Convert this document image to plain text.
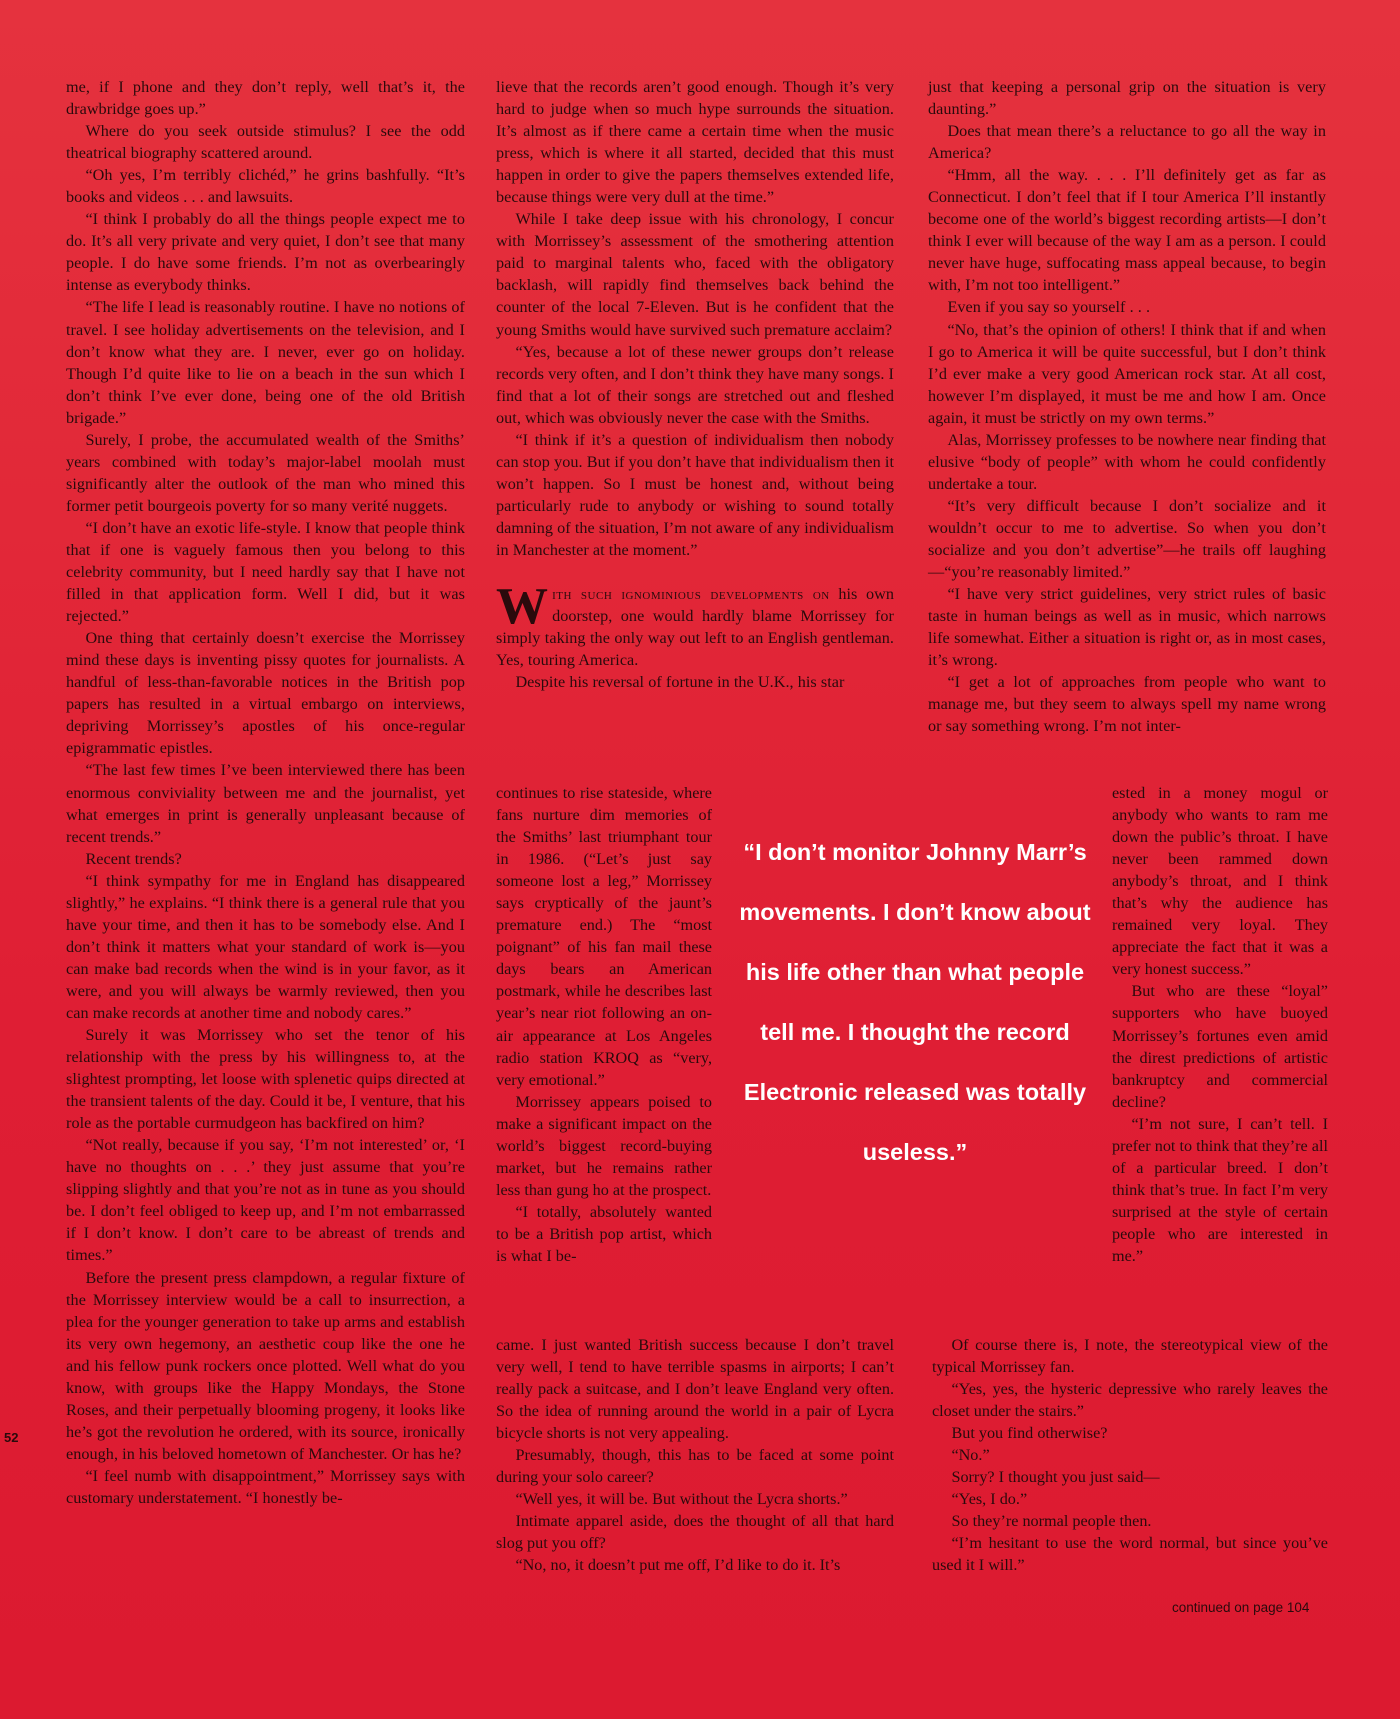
me, if I phone and they don’t reply, well that’s it, the drawbridge goes up.”

Where do you seek outside stimulus? I see the odd theatrical biography scattered around.

“Oh yes, I’m terribly clichéd,” he grins bashfully. “It’s books and videos . . . and lawsuits.

“I think I probably do all the things people expect me to do. It’s all very private and very quiet, I don’t see that many people. I do have some friends. I’m not as overbearingly intense as everybody thinks.

“The life I lead is reasonably routine. I have no notions of travel. I see holiday advertisements on the television, and I don’t know what they are. I never, ever go on holiday. Though I’d quite like to lie on a beach in the sun which I don’t think I’ve ever done, being one of the old British brigade.”

Surely, I probe, the accumulated wealth of the Smiths’ years combined with today’s major-label moolah must significantly alter the outlook of the man who mined this former petit bourgeois poverty for so many verité nuggets.

“I don’t have an exotic life-style. I know that people think that if one is vaguely famous then you belong to this celebrity community, but I need hardly say that I have not filled in that application form. Well I did, but it was rejected.”

One thing that certainly doesn’t exercise the Morrissey mind these days is inventing pissy quotes for journalists. A handful of less-than-favorable notices in the British pop papers has resulted in a virtual embargo on interviews, depriving Morrissey’s apostles of his once-regular epigrammatic epistles.

“The last few times I’ve been interviewed there has been enormous conviviality between me and the journalist, yet what emerges in print is generally unpleasant because of recent trends.”

Recent trends?

“I think sympathy for me in England has disappeared slightly,” he explains. “I think there is a general rule that you have your time, and then it has to be somebody else. And I don’t think it matters what your standard of work is—you can make bad records when the wind is in your favor, as it were, and you will always be warmly reviewed, then you can make records at another time and nobody cares.”

Surely it was Morrissey who set the tenor of his relationship with the press by his willingness to, at the slightest prompting, let loose with splenetic quips directed at the transient talents of the day. Could it be, I venture, that his role as the portable curmudgeon has backfired on him?

“Not really, because if you say, ‘I’m not interested’ or, ‘I have no thoughts on . . .’ they just assume that you’re slipping slightly and that you’re not as in tune as you should be. I don’t feel obliged to keep up, and I’m not embarrassed if I don’t know. I don’t care to be abreast of trends and times.”

Before the present press clampdown, a regular fixture of the Morrissey interview would be a call to insurrection, a plea for the younger generation to take up arms and establish its very own hegemony, an aesthetic coup like the one he and his fellow punk rockers once plotted. Well what do you know, with groups like the Happy Mondays, the Stone Roses, and their perpetually blooming progeny, it looks like he’s got the revolution he ordered, with its source, ironically enough, in his beloved hometown of Manchester. Or has he?

“I feel numb with disappointment,” Morrissey says with customary understatement. “I honestly be-

lieve that the records aren’t good enough. Though it’s very hard to judge when so much hype surrounds the situation. It’s almost as if there came a certain time when the music press, which is where it all started, decided that this must happen in order to give the papers themselves extended life, because things were very dull at the time.”

While I take deep issue with his chronology, I concur with Morrissey’s assessment of the smothering attention paid to marginal talents who, faced with the obligatory backlash, will rapidly find themselves back behind the counter of the local 7-Eleven. But is he confident that the young Smiths would have survived such premature acclaim?

“Yes, because a lot of these newer groups don’t release records very often, and I don’t think they have many songs. I find that a lot of their songs are stretched out and fleshed out, which was obviously never the case with the Smiths.

“I think if it’s a question of individualism then nobody can stop you. But if you don’t have that individualism then it won’t happen. So I must be honest and, without being particularly rude to anybody or wishing to sound totally damning of the situation, I’m not aware of any individualism in Manchester at the moment.”

With such ignominious developments on his own doorstep, one would hardly blame Morrissey for simply taking the only way out left to an English gentleman. Yes, touring America.

Despite his reversal of fortune in the U.K., his star

continues to rise stateside, where fans nurture dim memories of the Smiths’ last triumphant tour in 1986. (“Let’s just say someone lost a leg,” Morrissey says cryptically of the jaunt’s premature end.) The “most poignant” of his fan mail these days bears an American postmark, while he describes last year’s near riot following an on-air appearance at Los Angeles radio station KROQ as “very, very emotional.”

Morrissey appears poised to make a significant impact on the world’s biggest record-buying market, but he remains rather less than gung ho at the prospect.

“I totally, absolutely wanted to be a British pop artist, which is what I be-

came. I just wanted British success because I don’t travel very well, I tend to have terrible spasms in airports; I can’t really pack a suitcase, and I don’t leave England very often. So the idea of running around the world in a pair of Lycra bicycle shorts is not very appealing.

Presumably, though, this has to be faced at some point during your solo career?

“Well yes, it will be. But without the Lycra shorts.”

Intimate apparel aside, does the thought of all that hard slog put you off?

“No, no, it doesn’t put me off, I’d like to do it. It’s

just that keeping a personal grip on the situation is very daunting.”

Does that mean there’s a reluctance to go all the way in America?

“Hmm, all the way. . . . I’ll definitely get as far as Connecticut. I don’t feel that if I tour America I’ll instantly become one of the world’s biggest recording artists—I don’t think I ever will because of the way I am as a person. I could never have huge, suffocating mass appeal because, to begin with, I’m not too intelligent.”

Even if you say so yourself . . .

“No, that’s the opinion of others! I think that if and when I go to America it will be quite successful, but I don’t think I’d ever make a very good American rock star. At all cost, however I’m displayed, it must be me and how I am. Once again, it must be strictly on my own terms.”

Alas, Morrissey professes to be nowhere near finding that elusive “body of people” with whom he could confidently undertake a tour.

“It’s very difficult because I don’t socialize and it wouldn’t occur to me to advertise. So when you don’t socialize and you don’t advertise”—he trails off laughing—“you’re reasonably limited.”

“I have very strict guidelines, very strict rules of basic taste in human beings as well as in music, which narrows life somewhat. Either a situation is right or, as in most cases, it’s wrong.

“I get a lot of approaches from people who want to manage me, but they seem to always spell my name wrong or say something wrong. I’m not inter-

ested in a money mogul or anybody who wants to ram me down the public’s throat. I have never been rammed down anybody’s throat, and I think that’s why the audience has remained very loyal. They appreciate the fact that it was a very honest success.”

But who are these “loyal” supporters who have buoyed Morrissey’s fortunes even amid the direst predictions of artistic bankruptcy and commercial decline?

“I’m not sure, I can’t tell. I prefer not to think that they’re all of a particular breed. I don’t think that’s true. In fact I’m very surprised at the style of certain people who are interested in me.”

Of course there is, I note, the stereotypical view of the typical Morrissey fan.

“Yes, yes, the hysteric depressive who rarely leaves the closet under the stairs.”

But you find otherwise?

“No.”

Sorry? I thought you just said—

“Yes, I do.”

So they’re normal people then.

“I’m hesitant to use the word normal, but since you’ve used it I will.”

“I don’t monitor Johnny Marr’s movements. I don’t know about his life other than what people tell me. I thought the record Electronic released was totally useless.”
52
continued on page 104
